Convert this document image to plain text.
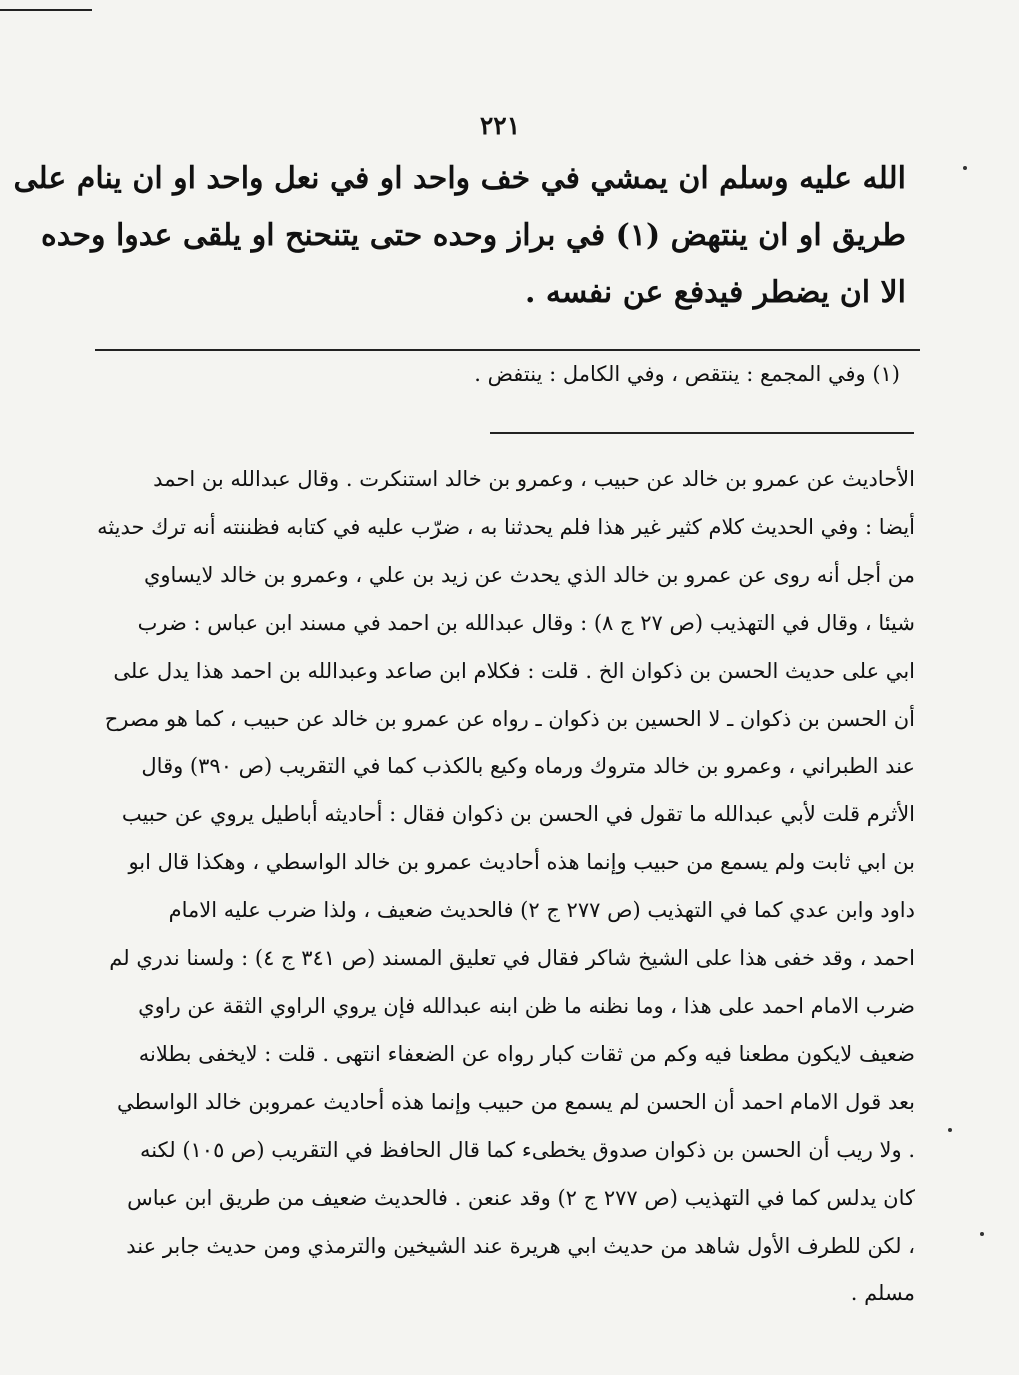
٢٢١
الله عليه وسلم ان يمشي في خف واحد او في نعل واحد او ان ينام على
طريق او ان ينتهض (١) في براز وحده حتى يتنحنح او يلقى عدوا وحده
الا ان يضطر فيدفع عن نفسه .
(١) وفي المجمع : ينتقص ، وفي الكامل : ينتفض .
الأحاديث عن عمرو بن خالد عن حبيب ، وعمرو بن خالد استنكرت . وقال عبدالله بن احمد
أيضا : وفي الحديث كلام كثير غير هذا فلم يحدثنا به ، ضرّب عليه في كتابه فظننته أنه ترك حديثه
من أجل أنه روى عن عمرو بن خالد الذي يحدث عن زيد بن علي ، وعمرو بن خالد لايساوي
شيئا ، وقال في التهذيب (ص ٢٧ ج ٨) : وقال عبدالله بن احمد في مسند ابن عباس : ضرب
ابي على حديث الحسن بن ذكوان الخ . قلت : فكلام ابن صاعد وعبدالله بن احمد هذا يدل على
أن الحسن بن ذكوان ـ لا الحسين بن ذكوان ـ رواه عن عمرو بن خالد عن حبيب ، كما هو مصرح
عند الطبراني ، وعمرو بن خالد متروك ورماه وكيع بالكذب كما في التقريب (ص ٣٩٠) وقال
الأثرم قلت لأبي عبدالله ما تقول في الحسن بن ذكوان فقال : أحاديثه أباطيل يروي عن حبيب
بن ابي ثابت ولم يسمع من حبيب وإنما هذه أحاديث عمرو بن خالد الواسطي ، وهكذا قال ابو
داود وابن عدي كما في التهذيب (ص ٢٧٧ ج ٢) فالحديث ضعيف ، ولذا ضرب عليه الامام
احمد ، وقد خفى هذا على الشيخ شاكر فقال في تعليق المسند (ص ٣٤١ ج ٤) : ولسنا ندري لم
ضرب الامام احمد على هذا ، وما نظنه ما ظن ابنه عبدالله فإن يروي الراوي الثقة عن راوي
ضعيف لايكون مطعنا فيه وكم من ثقات كبار رواه عن الضعفاء انتهى . قلت : لايخفى بطلانه
بعد قول الامام احمد أن الحسن لم يسمع من حبيب وإنما هذه أحاديث عمروبن خالد الواسطي
. ولا ريب أن الحسن بن ذكوان صدوق يخطىء كما قال الحافظ في التقريب (ص ١٠٥) لكنه
كان يدلس كما في التهذيب (ص ٢٧٧ ج ٢) وقد عنعن . فالحديث ضعيف من طريق ابن عباس
، لكن للطرف الأول شاهد من حديث ابي هريرة عند الشيخين والترمذي ومن حديث جابر عند
مسلم .
